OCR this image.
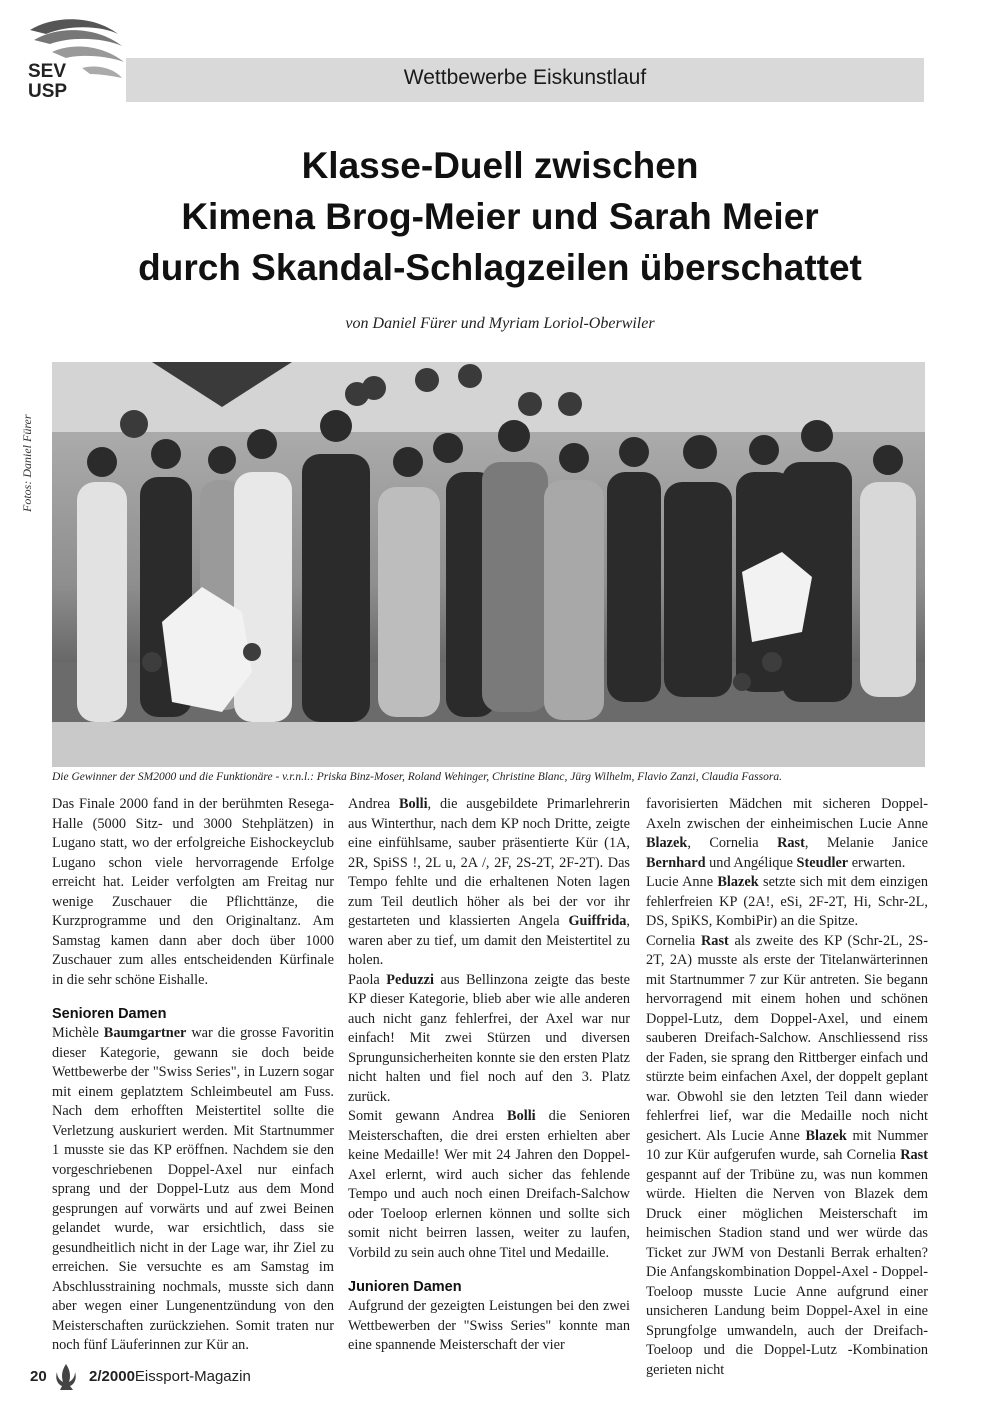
SEV
USP
Wettbewerbe Eiskunstlauf
Klasse-Duell zwischen
Kimena Brog-Meier und Sarah Meier
durch Skandal-Schlagzeilen überschattet
von Daniel Fürer und Myriam Loriol-Oberwiler
Fotos: Daniel Fürer
Die Gewinner der SM2000 und die Funktionäre - v.r.n.l.: Priska Binz-Moser, Roland Wehinger, Christine Blanc, Jürg Wilhelm, Flavio Zanzi, Claudia Fassora.

Das Finale 2000 fand in der berühmten Resega-Halle (5000 Sitz- und 3000 Stehplätzen) in Lugano statt, wo der erfolgreiche Eishockeyclub Lugano schon viele hervorragende Erfolge erreicht hat. Leider verfolgten am Freitag nur wenige Zuschauer die Pflichttänze, die Kurzprogramme und den Originaltanz. Am Samstag kamen dann aber doch über 1000 Zuschauer zum alles entscheidenden Kürfinale in die sehr schöne Eishalle.

Senioren Damen

Michèle Baumgartner war die grosse Favoritin dieser Kategorie, gewann sie doch beide Wettbewerbe der "Swiss Series", in Luzern sogar mit einem geplatztem Schleimbeutel am Fuss. Nach dem erhofften Meistertitel sollte die Verletzung auskuriert werden. Mit Startnummer 1 musste sie das KP eröffnen. Nachdem sie den vorgeschriebenen Doppel-Axel nur einfach sprang und der Doppel-Lutz aus dem Mond gesprungen auf vorwärts und auf zwei Beinen gelandet wurde, war ersichtlich, dass sie gesundheitlich nicht in der Lage war, ihr Ziel zu erreichen. Sie versuchte es am Samstag im Abschlusstraining nochmals, musste sich dann aber wegen einer Lungenentzündung von den Meisterschaften zurückziehen. Somit traten nur noch fünf Läuferinnen zur Kür an.

Andrea Bolli, die ausgebildete Primarlehrerin aus Winterthur, nach dem KP noch Dritte, zeigte eine einfühlsame, sauber präsentierte Kür (1A, 2R, SpiSS !, 2L u, 2A /, 2F, 2S-2T, 2F-2T). Das Tempo fehlte und die erhaltenen Noten lagen zum Teil deutlich höher als bei der vor ihr gestarteten und klassierten Angela Guiffrida, waren aber zu tief, um damit den Meistertitel zu holen.

Paola Peduzzi aus Bellinzona zeigte das beste KP dieser Kategorie, blieb aber wie alle anderen auch nicht ganz fehlerfrei, der Axel war nur einfach! Mit zwei Stürzen und diversen Sprungunsicherheiten konnte sie den ersten Platz nicht halten und fiel noch auf den 3. Platz zurück.

Somit gewann Andrea Bolli die Senioren Meisterschaften, die drei ersten erhielten aber keine Medaille! Wer mit 24 Jahren den Doppel-Axel erlernt, wird auch sicher das fehlende Tempo und auch noch einen Dreifach-Salchow oder Toeloop erlernen können und sollte sich somit nicht beirren lassen, weiter zu laufen, Vorbild zu sein auch ohne Titel und Medaille.

Junioren Damen

Aufgrund der gezeigten Leistungen bei den zwei Wettbewerben der "Swiss Series" konnte man eine spannende Meisterschaft der vier

favorisierten Mädchen mit sicheren Doppel-Axeln zwischen der einheimischen Lucie Anne Blazek, Cornelia Rast, Melanie Janice Bernhard und Angélique Steudler erwarten.

Lucie Anne Blazek setzte sich mit dem einzigen fehlerfreien KP (2A!, eSi, 2F-2T, Hi, Schr-2L, DS, SpiKS, KombiPir) an die Spitze.

Cornelia Rast als zweite des KP (Schr-2L, 2S-2T, 2A) musste als erste der Titelanwärterinnen mit Startnummer 7 zur Kür antreten. Sie begann hervorragend mit einem hohen und schönen Doppel-Lutz, dem Doppel-Axel, und einem sauberen Dreifach-Salchow. Anschliessend riss der Faden, sie sprang den Rittberger einfach und stürzte beim einfachen Axel, der doppelt geplant war. Obwohl sie den letzten Teil dann wieder fehlerfrei lief, war die Medaille noch nicht gesichert. Als Lucie Anne Blazek mit Nummer 10 zur Kür aufgerufen wurde, sah Cornelia Rast gespannt auf der Tribüne zu, was nun kommen würde. Hielten die Nerven von Blazek dem Druck einer möglichen Meisterschaft im heimischen Stadion stand und wer würde das Ticket zur JWM von Destanli Berrak erhalten? Die Anfangskombination Doppel-Axel - Doppel-Toeloop musste Lucie Anne aufgrund einer unsicheren Landung beim Doppel-Axel in eine Sprungfolge umwandeln, auch der Dreifach-Toeloop und die Doppel-Lutz -Kombination gerieten nicht

20	2/2000Eissport-Magazin
